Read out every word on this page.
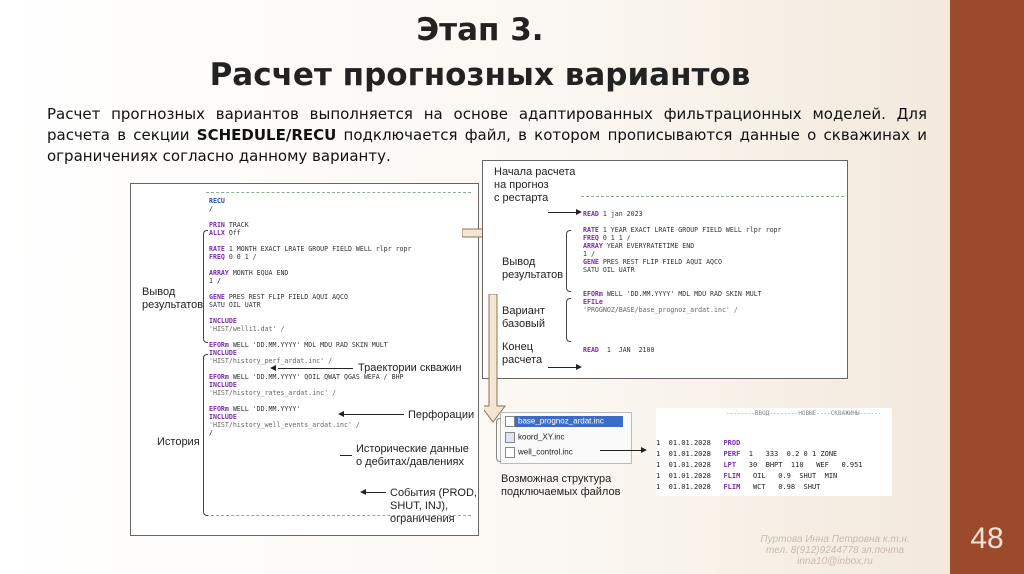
Этап 3.
Расчет прогнозных вариантов
Расчет прогнозных вариантов выполняется на основе адаптированных фильтрационных моделей. Для расчета в секции SCHEDULE/RECU подключается файл, в котором прописываются данные о скважинах и ограничениях согласно данному варианту.
RECU
/

PRIN TRACK
ALLX Off

RATE 1 MONTH EXACT LRATE GROUP FIELD WELL rlpr ropr
FREQ 0 0 1 /

ARRAY MONTH EQUA END
1 /

GENE PRES REST FLIP FIELD AQUI AQCO
SATU OIL UATR

INCLUDE
'HIST/welli1.dat' /

EFORm WELL 'DD.MM.YYYY' MDL MDU RAD SKIN MULT
INCLUDE
'HIST/history_perf_ardat.inc' /

EFORm WELL 'DD.MM.YYYY' QOIL QWAT QGAS WEFA / BHP
INCLUDE
'HIST/history_rates_ardat.inc' /

EFORm WELL 'DD.MM.YYYY'
INCLUDE
'HIST/history_well_events_ardat.inc' /
/
Вывод
результатов
История
Траектории скважин
Перфорации
Исторические данные
о дебитах/давлениях
События (PROD,
SHUT, INJ),
ограничения
READ 1 jan 2023

RATE 1 YEAR EXACT LRATE GROUP FIELD WELL rlpr ropr
FREQ 0 1 1 /
ARRAY YEAR EVERYRATETIME END
1 /
GENE PRES REST FLIP FIELD AQUI AQCO
SATU OIL UATR

EFORm WELL 'DD.MM.YYYY' MDL MDU RAD SKIN MULT
EFILe
'PROGNOZ/BASE/base_prognoz_ardat.inc' /

READ  1  JAN  2100
Начала расчета
на прогноз
с рестарта
Вывод
результатов
Вариант
базовый
Конец
расчета
base_prognoz_ardat.inc
koord_XY.inc
well_control.inc
Возможная структура
подключаемых файлов
--------ВВОД--------НОВЫЕ----СКВАЖИНЫ------
1 01.01.2028 PROD
1 01.01.2028 PERF  1   333  0.2 0 1 ZONE
1 01.01.2028 LPT   30  BHPT  110   WEF   0.951
1 01.01.2028 FLIM   OIL   0.9  SHUT  MIN
1 01.01.2028 FLIM   WCT   0.98  SHUT
Пуртова Инна Петровна к.т.н.
тел. 8(912)9244778 эл.почта
inna10@inbox.ru
48
